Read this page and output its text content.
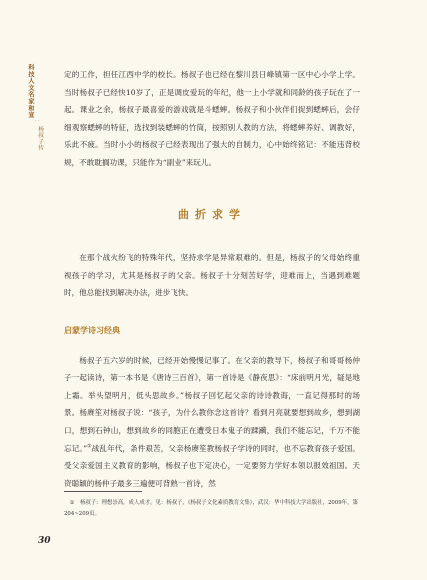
科技人文名家和宣
··
杨叔子传

定的工作，担任江西中学的校长。杨叔子也已经在黎川县日峰镇第一区中心小学上学。当时杨叔子已经快10岁了，正是调皮爱玩的年纪，他一上小学就和同龄的孩子玩在了一起。课业之余，杨叔子最喜爱的游戏就是斗蟋蟀。杨叔子和小伙伴们捉到蟋蟀后，会仔细观察蟋蟀的特征，选找到装蟋蟀的竹筒，按照别人教的方法，将蟋蟀养好、调教好，乐此不疲。当时小小的杨叔子已经表现出了强大的自制力，心中始终铭记：不能违背校规，不敢耽搁功课，只能作为“副业”来玩儿。

曲折求学

在那个战火纷飞的特殊年代，坚持求学是异常艰难的。但是，杨叔子的父母始终重视孩子的学习，尤其是杨叔子的父亲。杨叔子十分刻苦好学，迎难而上，当遇到难题时，他总能找到解决办法，进步飞快。

启蒙学诗习经典

杨叔子五六岁的时候，已经开始慢慢记事了。在父亲的教导下，杨叔子和哥哥杨仲子一起读诗，第一本书是《唐诗三百首》，第一首诗是《静夜思》：“床前明月光，疑是地上霜。举头望明月，低头思故乡。”杨叔子回忆起父亲的诗诗教诲，一直记得那时的场景。杨赓笙对杨叔子说：“孩子，为什么教你念这首诗？看到月亮就要想到故乡，想到湖口，想到石钟山，想到故乡的同胞正在遭受日本鬼子的蹂躏，我们不能忘记，千万不能忘记。”①战乱年代，条件艰苦，父亲杨赓笙教杨叔子学诗的同时，也不忘教育孩子爱国。受父亲爱国主义教育的影响，杨叔子也下定决心，一定要努力学好本领以报效祖国。天资聪颖的杨仲子最多三遍便可背熟一首诗，然

① 杨叔子：理想崇高，成人成才，见：杨叔子，《杨叔子文化素质教育文集》，武汉：华中科技大学出版社，2009年，第204~209页。
30
